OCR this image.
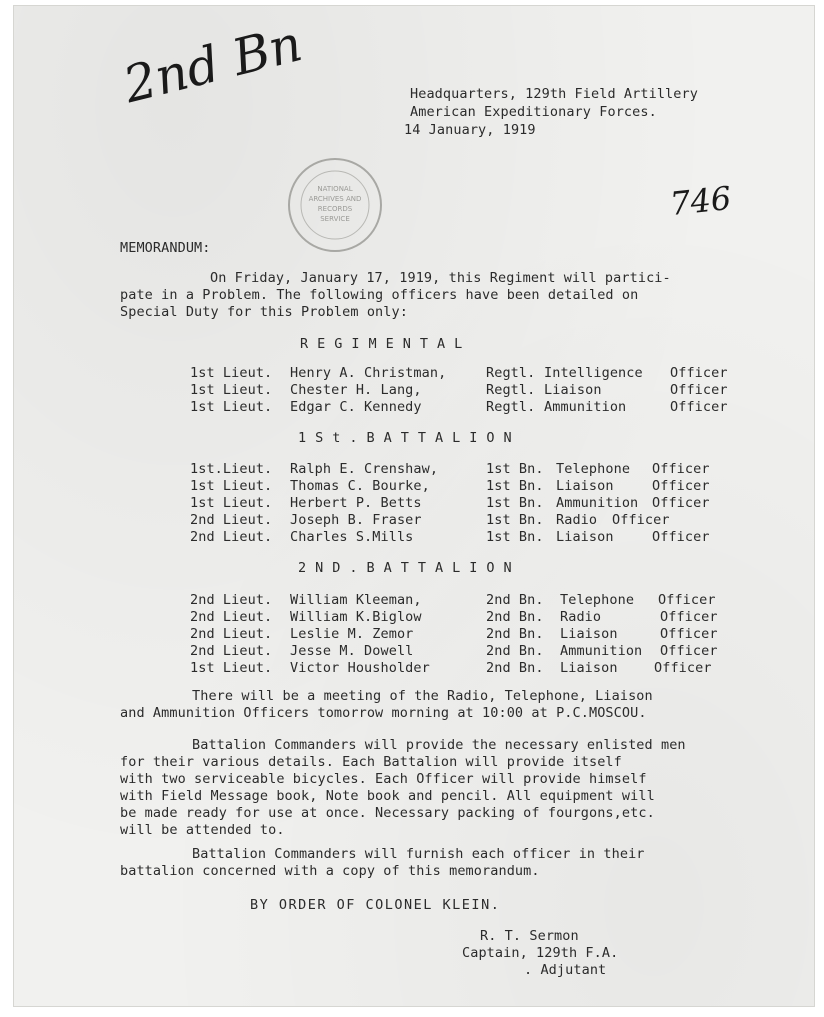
2nd Bn
746
NATIONAL
ARCHIVES AND
RECORDS
SERVICE
Headquarters, 129th Field Artillery
American Expeditionary Forces.
14 January, 1919
MEMORANDUM:
On Friday, January 17, 1919, this Regiment will partici-
pate in a Problem. The following officers have been detailed on
Special Duty for this Problem only:
REGIMENTAL
1st Lieut. Henry A. Christman,	Regtl. Intelligence Officer
1st Lieut. Chester H. Lang,	Regtl. Liaison	Officer
1st Lieut. Edgar C. Kennedy	Regtl. Ammunition	Officer
1St.BATTALION
1st.Lieut. Ralph E. Crenshaw,	1st Bn. Telephone Officer
1st Lieut. Thomas C. Bourke,	1st Bn. Liaison	Officer
1st Lieut. Herbert P. Betts	1st Bn. Ammunition Officer
2nd Lieut. Joseph B. Fraser	1st Bn. Radio Officer
2nd Lieut. Charles S.Mills	1st Bn. Liaison	Officer
2ND.BATTALION
2nd Lieut. William Kleeman,	2nd Bn. Telephone Officer
2nd Lieut. William K.Biglow	2nd Bn. Radio	Officer
2nd Lieut. Leslie M. Zemor	2nd Bn. Liaison	Officer
2nd Lieut. Jesse M. Dowell	2nd Bn. Ammunition Officer
1st Lieut. Victor Housholder	2nd Bn. Liaison	Officer
There will be a meeting of the Radio, Telephone, Liaison
and Ammunition Officers tomorrow morning at 10:00 at P.C.MOSCOU.
Battalion Commanders will provide the necessary enlisted men
for their various details. Each Battalion will provide itself
with two serviceable bicycles. Each Officer will provide himself
with Field Message book, Note book and pencil. All equipment will
be made ready for use at once. Necessary packing of fourgons,etc.
will be attended to.
Battalion Commanders will furnish each officer in their
battalion concerned with a copy of this memorandum.
BY ORDER OF COLONEL KLEIN.
R. T. Sermon
Captain, 129th F.A.
. Adjutant
